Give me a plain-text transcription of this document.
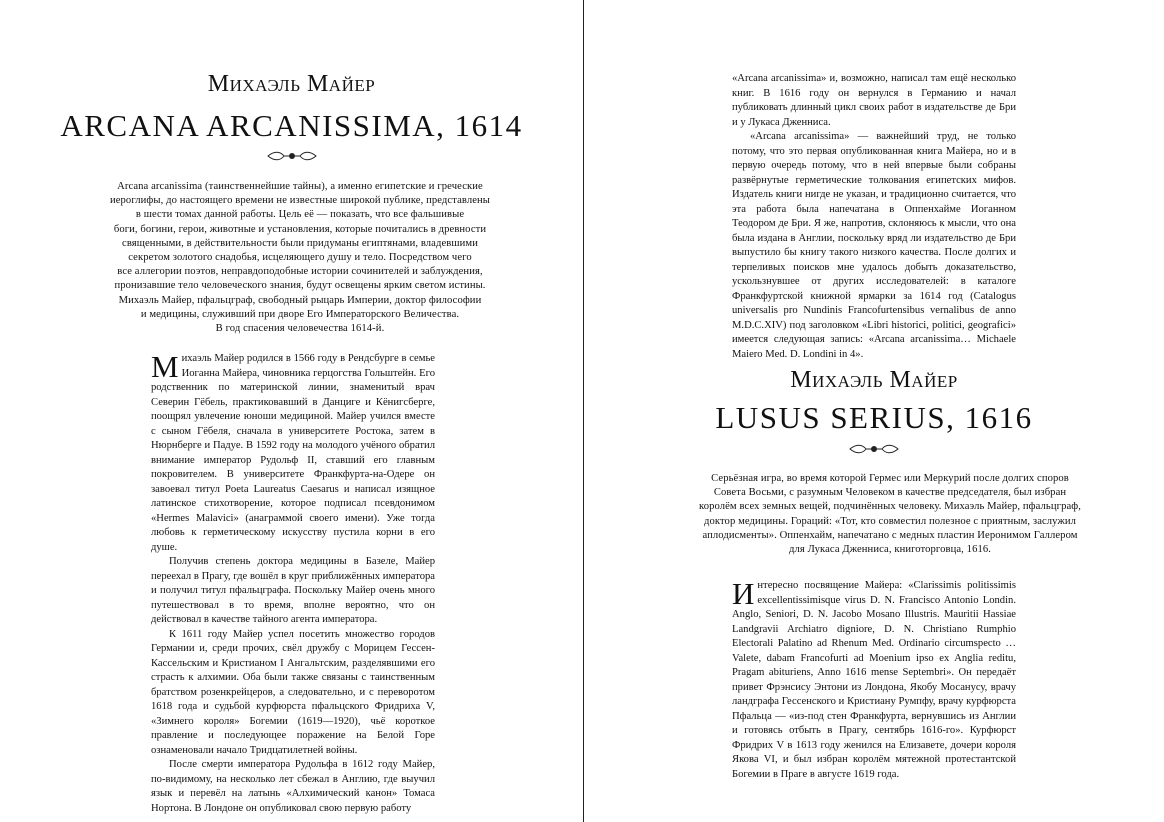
Михаэль Майер
ARCANA ARCANISSIMA, 1614
Arcana arcanissima (таинственнейшие тайны), а именно египетские и греческие
иероглифы, до настоящего времени не известные широкой публике, представлены
в шести томах данной работы. Цель её — показать, что все фальшивые
боги, богини, герои, животные и установления, которые почитались в древности
священными, в действительности были придуманы египтянами, владевшими
секретом золотого снадобья, исцеляющего душу и тело. Посредством чего
все аллегории поэтов, неправдоподобные истории сочинителей и заблуждения,
пронизавшие тело человеческого знания, будут освещены ярким светом истины.
Михаэль Майер, пфальцграф, свободный рыцарь Империи, доктор философии
и медицины, служивший при дворе Его Императорского Величества.
В год спасения человечества 1614-й.

Михаэль Майер родился в 1566 году в Рендсбурге в семье Иоганна Майера, чиновника герцогства Гольштейн. Его родственник по материнской линии, знаменитый врач Северин Гёбель, практиковавший в Данциге и Кёнигсберге, поощрял увлечение юноши медициной. Майер учился вместе с сыном Гёбеля, сначала в университете Ростока, затем в Нюрнберге и Падуе. В 1592 году на молодого учёного обратил внимание император Рудольф II, ставший его главным покровителем. В университете Франкфурта-на-Одере он завоевал титул Poeta Laureatus Caesarus и написал изящное латинское стихотворение, которое подписал псевдонимом «Hermes Malavici» (анаграммой своего имени). Уже тогда любовь к герметическому искусству пустила корни в его душе.

Получив степень доктора медицины в Базеле, Майер переехал в Прагу, где вошёл в круг приближённых императора и получил титул пфальцграфа. Поскольку Майер очень много путешествовал в то время, вполне вероятно, что он действовал в качестве тайного агента императора.

К 1611 году Майер успел посетить множество городов Германии и, среди прочих, свёл дружбу с Морицем Гессен-Кассельским и Кристианом I Ангальтским, разделявшими его страсть к алхимии. Оба были также связаны с таинственным братством розенкрейцеров, а следовательно, и с переворотом 1618 года и судьбой курфюрста пфальцского Фридриха V, «Зимнего короля» Богемии (1619—1920), чьё короткое правление и последующее поражение на Белой Горе ознаменовали начало Тридцатилетней войны.

После смерти императора Рудольфа в 1612 году Майер, по-видимому, на несколько лет сбежал в Англию, где выучил язык и перевёл на латынь «Алхимический канон» Томаса Нортона. В Лондоне он опубликовал свою первую работу

«Arcana arcanissima» и, возможно, написал там ещё несколько книг. В 1616 году он вернулся в Германию и начал публиковать длинный цикл своих работ в издательстве де Бри и у Лукаса Дженниса.

«Arcana arcanissima» — важнейший труд, не только потому, что это первая опубликованная книга Майера, но и в первую очередь потому, что в ней впервые были собраны развёрнутые герметические толкования египетских мифов. Издатель книги нигде не указан, и традиционно считается, что эта работа была напечатана в Оппенхайме Иоганном Теодором де Бри. Я же, напротив, склоняюсь к мысли, что она была издана в Англии, поскольку вряд ли издательство де Бри выпустило бы книгу такого низкого качества. После долгих и терпеливых поисков мне удалось добыть доказательство, ускользнувшее от других исследователей: в каталоге Франкфуртской книжной ярмарки за 1614 год (Catalogus universalis pro Nundinis Francofurtensibus vernalibus de anno M.D.C.XIV) под заголовком «Libri historici, politici, geografici» имеется следующая запись: «Arcana arcanissima… Michaele Maiero Med. D. Londini in 4».

Михаэль Майер
LUSUS SERIUS, 1616
Серьёзная игра, во время которой Гермес или Меркурий после долгих споров
Совета Восьми, с разумным Человеком в качестве председателя, был избран
королём всех земных вещей, подчинённых человеку. Михаэль Майер, пфальцграф,
доктор медицины. Гораций: «Тот, кто совместил полезное с приятным, заслужил
аплодисменты». Оппенхайм, напечатано с медных пластин Иеронимом Галлером
для Лукаса Дженниса, книготорговца, 1616.

Интересно посвящение Майера: «Clarissimis politissimis excellentissimisque virus D. N. Francisco Antonio Londin. Anglo, Seniori, D. N. Jacobo Mosano Illustris. Mauritii Hassiae Landgravii Archiatro digniore, D. N. Christiano Rumphio Electorali Palatino ad Rhenum Med. Ordinario circumspecto … Valete, dabam Francofurti ad Moenium ipso ex Anglia reditu, Pragam abituriens, Anno 1616 mense Septembri». Он передаёт привет Фрэнсису Энтони из Лондона, Якобу Мосанусу, врачу ландграфа Гессенского и Кристиану Румпфу, врачу курфюрста Пфальца — «из-под стен Франкфурта, вернувшись из Англии и готовясь отбыть в Прагу, сентябрь 1616-го». Курфюрст Фридрих V в 1613 году женился на Елизавете, дочери короля Якова VI, и был избран королём мятежной протестантской Богемии в Праге в августе 1619 года.
